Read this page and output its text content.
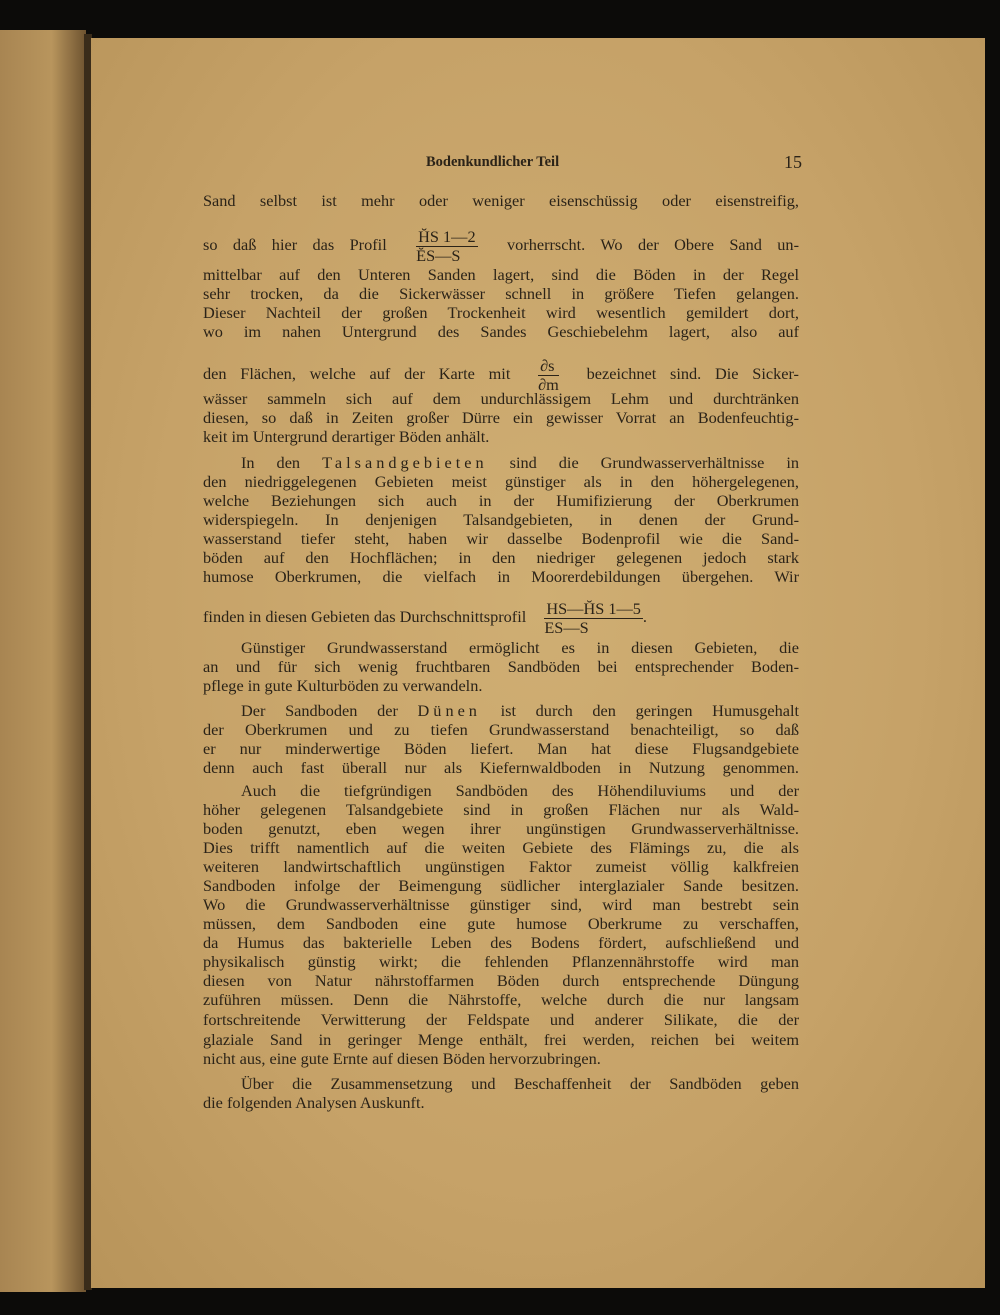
Bodenkundlicher Teil	15
Sand selbst ist mehr oder weniger eisenschüssig oder eisenstreifig,
so daß hier das Profil $\frac{H̆S 1—2}{ĔS—S}$ vorherrscht. Wo der Obere Sand un-
mittelbar auf den Unteren Sanden lagert, sind die Böden in der Regel
sehr trocken, da die Sickerwässer schnell in größere Tiefen gelangen.
Dieser Nachteil der großen Trockenheit wird wesentlich gemildert dort,
wo im nahen Untergrund des Sandes Geschiebelehm lagert, also auf
den Flächen, welche auf der Karte mit $\frac{\partial s}{\partial m}$ bezeichnet sind. Die Sicker-
wässer sammeln sich auf dem undurchlässigem Lehm und durchtränken
diesen, so daß in Zeiten großer Dürre ein gewisser Vorrat an Bodenfeuchtig-
keit im Untergrund derartiger Böden anhält.
In den Talsandgebieten sind die Grundwasserverhältnisse in
den niedriggelegenen Gebieten meist günstiger als in den höhergelegenen,
welche Beziehungen sich auch in der Humifizierung der Oberkrumen
widerspiegeln. In denjenigen Talsandgebieten, in denen der Grund-
wasserstand tiefer steht, haben wir dasselbe Bodenprofil wie die Sand-
böden auf den Hochflächen; in den niedriger gelegenen jedoch stark
humose Oberkrumen, die vielfach in Moorerdebildungen übergehen. Wir
finden in diesen Gebieten das Durchschnittsprofil $\frac{HS—H̆S 1—5}{ES—S}$ .
Günstiger Grundwasserstand ermöglicht es in diesen Gebieten, die
an und für sich wenig fruchtbaren Sandböden bei entsprechender Boden-
pflege in gute Kulturböden zu verwandeln.
Der Sandboden der Dünen ist durch den geringen Humusgehalt
der Oberkrumen und zu tiefen Grundwasserstand benachteiligt, so daß
er nur minderwertige Böden liefert. Man hat diese Flugsandgebiete
denn auch fast überall nur als Kiefernwaldboden in Nutzung genommen.
Auch die tiefgründigen Sandböden des Höhendiluviums und der
höher gelegenen Talsandgebiete sind in großen Flächen nur als Wald-
boden genutzt, eben wegen ihrer ungünstigen Grundwasserverhältnisse.
Dies trifft namentlich auf die weiten Gebiete des Flämings zu, die als
weiteren landwirtschaftlich ungünstigen Faktor zumeist völlig kalkfreien
Sandboden infolge der Beimengung südlicher interglazialer Sande besitzen.
Wo die Grundwasserverhältnisse günstiger sind, wird man bestrebt sein
müssen, dem Sandboden eine gute humose Oberkrume zu verschaffen,
da Humus das bakterielle Leben des Bodens fördert, aufschließend und
physikalisch günstig wirkt; die fehlenden Pflanzennährstoffe wird man
diesen von Natur nährstoffarmen Böden durch entsprechende Düngung
zuführen müssen. Denn die Nährstoffe, welche durch die nur langsam
fortschreitende Verwitterung der Feldspate und anderer Silikate, die der
glaziale Sand in geringer Menge enthält, frei werden, reichen bei weitem
nicht aus, eine gute Ernte auf diesen Böden hervorzubringen.
Über die Zusammensetzung und Beschaffenheit der Sandböden geben
die folgenden Analysen Auskunft.
